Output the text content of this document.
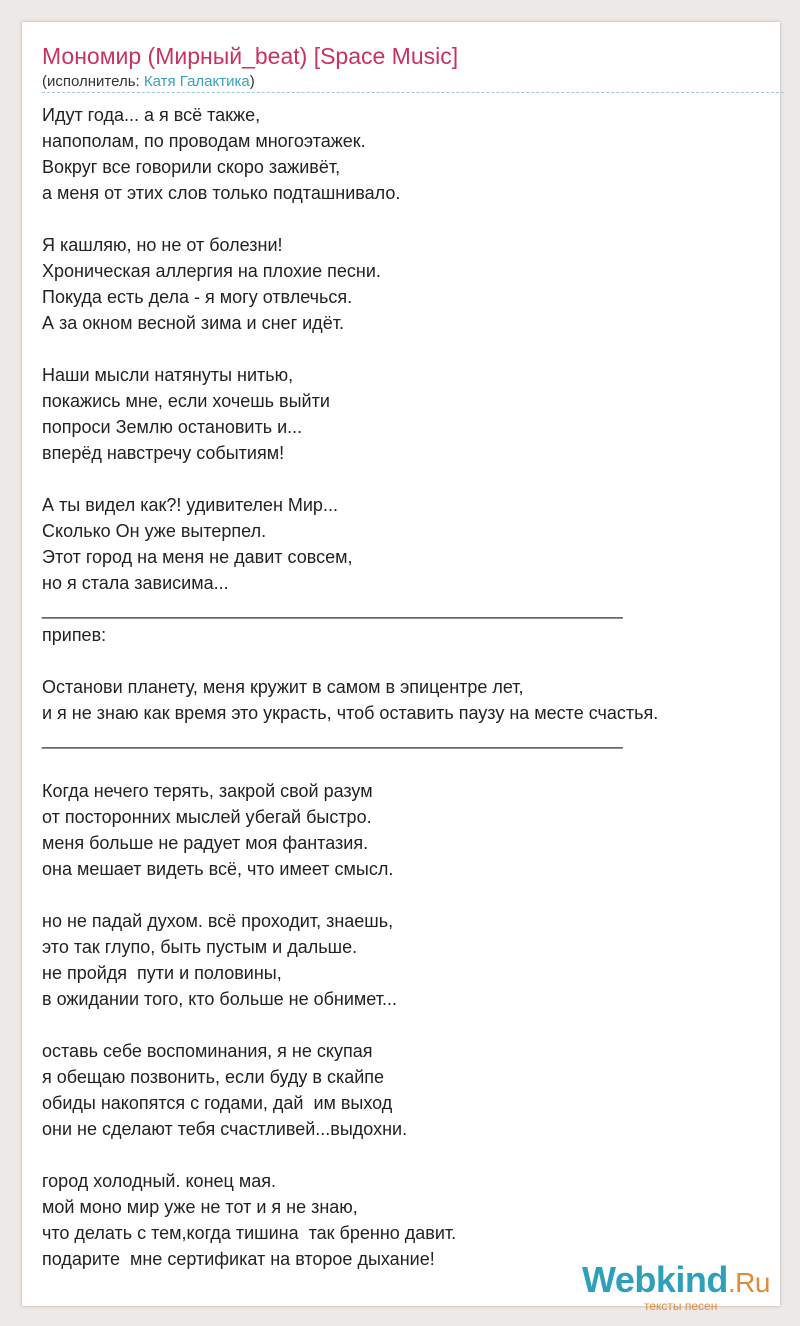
Мономир (Мирный_beat) [Space Music]
(исполнитель: Катя Галактика)
Идут года... а я всё также,
напополам, по проводам многоэтажек.
Вокруг все говорили скоро заживёт,
а меня от этих слов только подташнивало.
Я кашляю, но не от болезни!
Хроническая аллергия на плохие песни.
Покуда есть дела - я могу отвлечься.
А за окном весной зима и снег идёт.
Наши мысли натянуты нитью,
покажись мне, если хочешь выйти
попроси Землю остановить и...
вперёд навстречу событиям!
А ты видел как?! удивителен Мир...
Сколько Он уже вытерпел.
Этот город на меня не давит совсем,
но я стала зависима...
__________________________________________________________
припев:
Останови планету, меня кружит в самом в эпицентре лет,
и я не знаю как время это украсть, чтоб оставить паузу на месте счастья.
__________________________________________________________
Когда нечего терять, закрой свой разум
от посторонних мыслей убегай быстро.
меня больше не радует моя фантазия.
она мешает видеть всё, что имеет смысл.
но не падай духом. всё проходит, знаешь,
это так глупо, быть пустым и дальше.
не пройдя  пути и половины,
в ожидании того, кто больше не обнимет...
оставь себе воспоминания, я не скупая
я обещаю позвонить, если буду в скайпе
обиды накопятся с годами, дай  им выход
они не сделают тебя счастливей...выдохни.
город холодный. конец мая.
мой моно мир уже не тот и я не знаю,
что делать с тем,когда тишина  так бренно давит.
подарите  мне сертификат на второе дыхание!	Webkind.Ru
тексты песен
